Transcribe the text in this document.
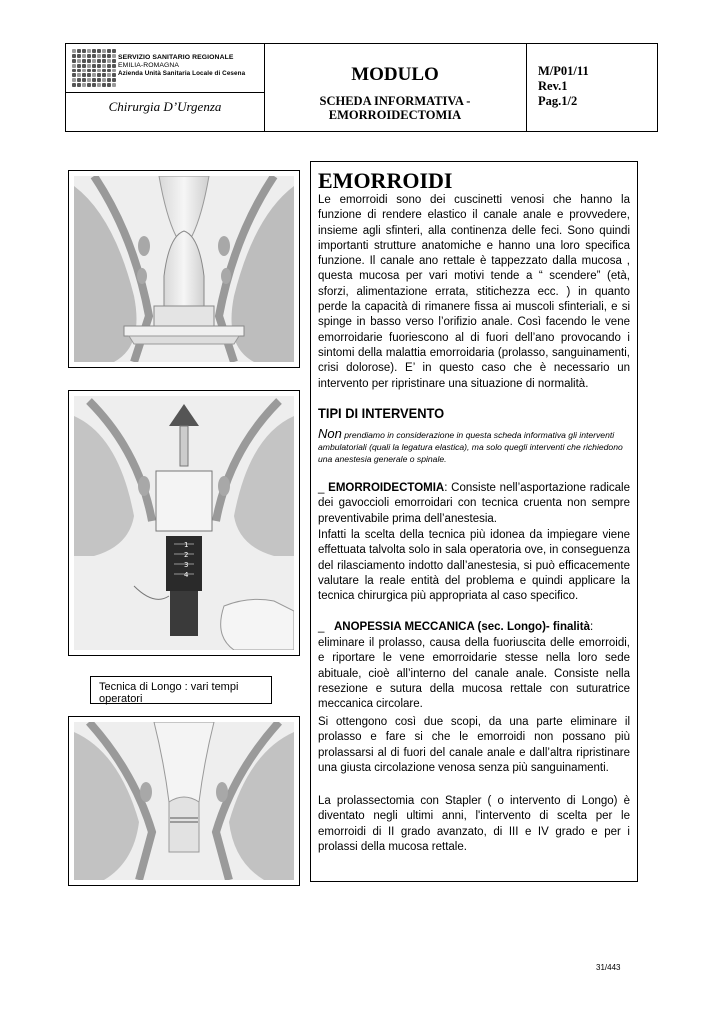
SERVIZIO SANITARIO REGIONALE
EMILIA-ROMAGNA
Azienda Unità Sanitaria Locale di Cesena
Chirurgia D’Urgenza
MODULO
SCHEDA INFORMATIVA -
EMORROIDECTOMIA
M/P01/11
Rev.1
Pag.1/2
1
2
3
4
Tecnica di Longo : vari tempi operatori
EMORROIDI
Le emorroidi sono dei cuscinetti venosi che hanno la funzione di rendere elastico il canale anale e provvedere, insieme agli sfinteri, alla continenza delle feci. Sono quindi importanti strutture anatomiche e hanno una loro specifica funzione. Il canale ano rettale è tappezzato dalla mucosa , questa mucosa per vari motivi tende a “ scendere” (età, sforzi, alimentazione errata, stitichezza ecc. ) in quanto perde la capacità di rimanere fissa ai muscoli sfinteriali, e si spinge in basso verso l’orifizio anale. Così facendo le vene emorroidarie fuoriescono al di fuori dell’ano provocando i sintomi della malattia emorroidaria (prolasso, sanguinamenti, crisi dolorose). E’ in questo caso che è necessario un intervento per ripristinare una situazione di normalità.
TIPI DI INTERVENTO
Non prendiamo in considerazione in questa scheda informativa gli interventi ambulatoriali (quali la legatura elastica), ma solo quegli interventi che richiedono una anestesia generale o spinale.
_ EMORROIDECTOMIA: Consiste nell’asportazione radicale dei gavoccioli emorroidari con tecnica cruenta non sempre preventivabile prima dell’anestesia.
Infatti la scelta della tecnica più idonea da impiegare viene effettuata talvolta solo in sala operatoria ove, in conseguenza del rilasciamento indotto dall’anestesia, si può efficacemente valutare la reale entità del problema e quindi applicare la tecnica chirurgica più appropriata al caso specifico.
_   ANOPESSIA MECCANICA (sec. Longo)- finalità:
eliminare il prolasso, causa della fuoriuscita delle emorroidi, e riportare le vene emorroidarie stesse nella loro sede abituale, cioè all’interno del canale anale. Consiste nella resezione e sutura della mucosa rettale con suturatrice meccanica circolare.
Si ottengono così due scopi, da una parte eliminare il prolasso e fare si che le emorroidi non possano più prolassarsi al di fuori del canale anale e dall’altra ripristinare una giusta circolazione venosa senza più sanguinamenti.
La prolassectomia con Stapler ( o intervento di Longo) è diventato negli ultimi anni, l'intervento di scelta per le emorroidi di II grado avanzato, di III e IV grado e per i prolassi della mucosa rettale.
31/443
